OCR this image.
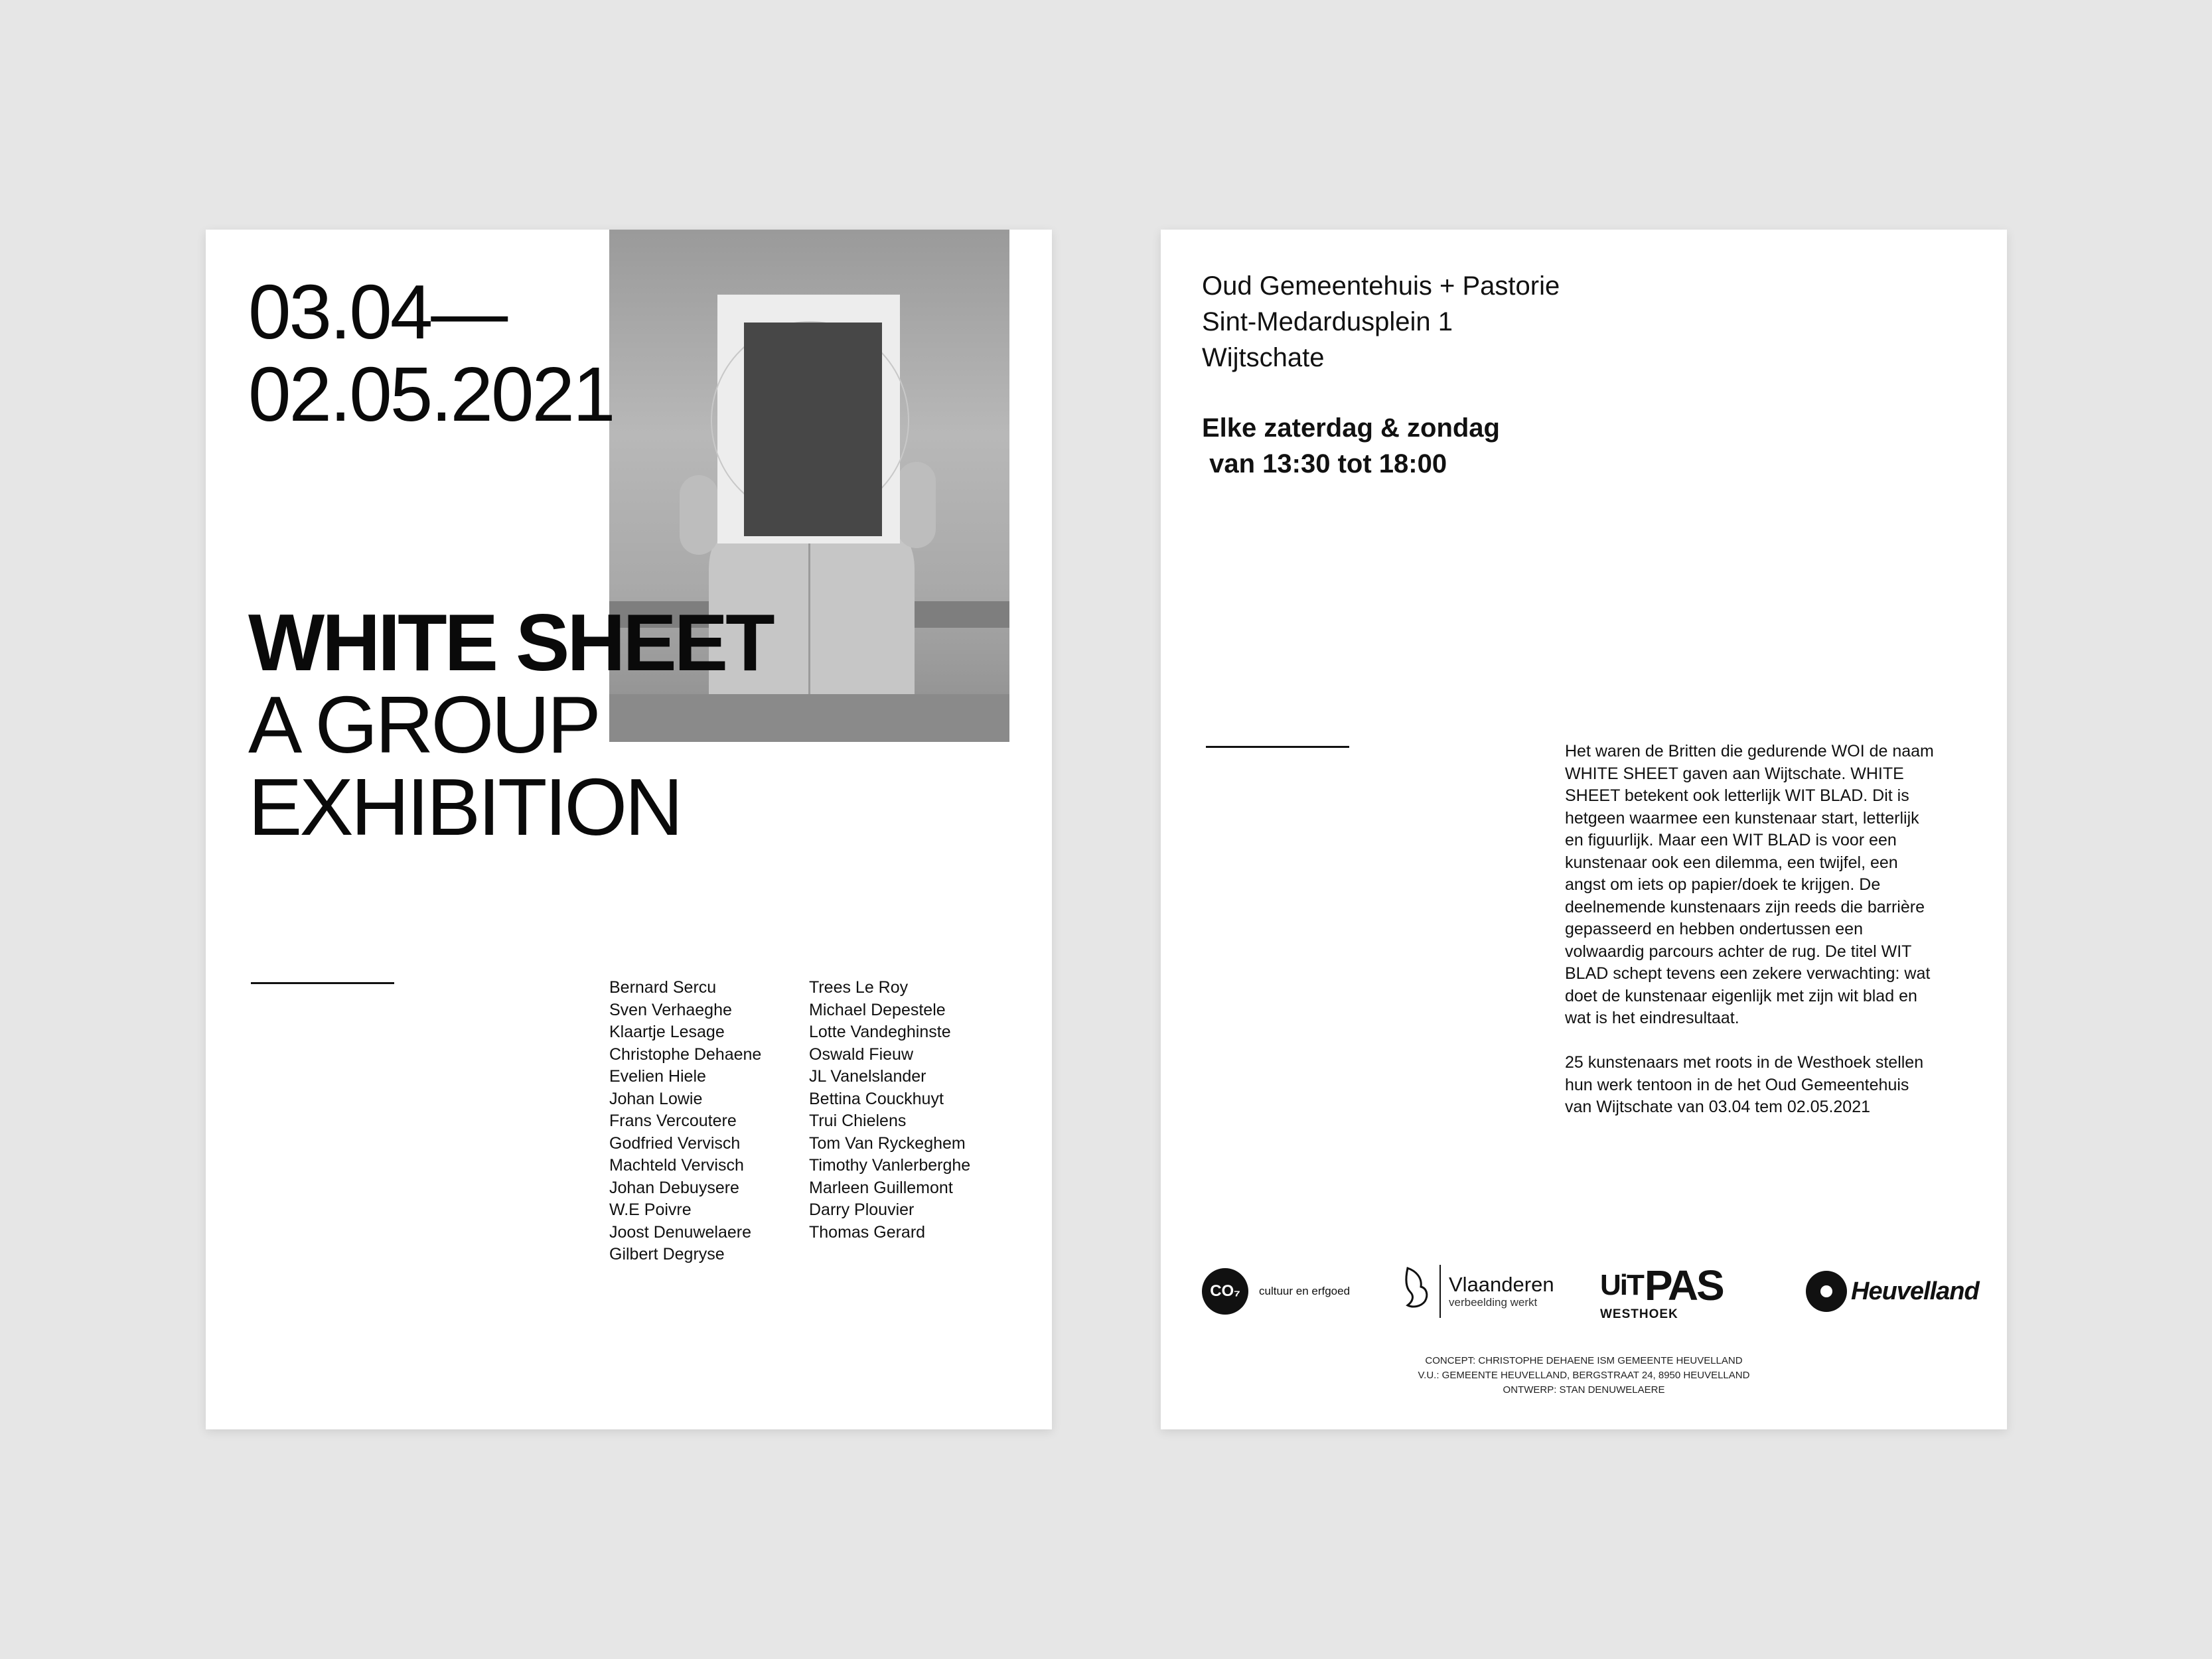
03.04—
02.05.2021
WHITE SHEET
A GROUP
EXHIBITION
Bernard Sercu
Sven Verhaeghe
Klaartje Lesage
Christophe Dehaene
Evelien Hiele
Johan Lowie
Frans Vercoutere
Godfried Vervisch
Machteld Vervisch
Johan Debuysere
W.E Poivre
Joost Denuwelaere
Gilbert Degryse
Trees Le Roy
Michael Depestele
Lotte Vandeghinste
Oswald Fieuw
JL Vanelslander
Bettina Couckhuyt
Trui Chielens
Tom Van Ryckeghem
Timothy Vanlerberghe
Marleen Guillemont
Darry Plouvier
Thomas Gerard
Oud Gemeentehuis + Pastorie
Sint-Medardusplein 1
Wijtschate
Elke zaterdag & zondag
van 13:30 tot 18:00

Het waren de Britten die gedurende WOI de naam WHITE SHEET gaven aan Wijtschate. WHITE SHEET betekent ook letterlijk WIT BLAD. Dit is hetgeen waarmee een kunstenaar start, letterlijk en figuurlijk. Maar een WIT BLAD is voor een kunstenaar ook een dilemma, een twijfel, een angst om iets op papier/doek te krijgen. De deelnemende kunstenaars zijn reeds die barrière gepasseerd en hebben ondertussen een volwaardig parcours achter de rug. De titel WIT BLAD schept tevens een zekere verwachting: wat doet de kunstenaar eigenlijk met zijn wit blad en wat is het eindresultaat.

25 kunstenaars met roots in de Westhoek stellen hun werk tentoon in de het Oud Gemeentehuis van Wijtschate van 03.04 tem 02.05.2021

CO₇	cultuur en erfgoed	Vlaanderen
verbeelding werkt
UiT PAS
WESTHOEK
Heuvelland
CONCEPT: CHRISTOPHE DEHAENE ISM GEMEENTE HEUVELLAND
V.U.: GEMEENTE HEUVELLAND, BERGSTRAAT 24, 8950 HEUVELLAND
ONTWERP: STAN DENUWELAERE
